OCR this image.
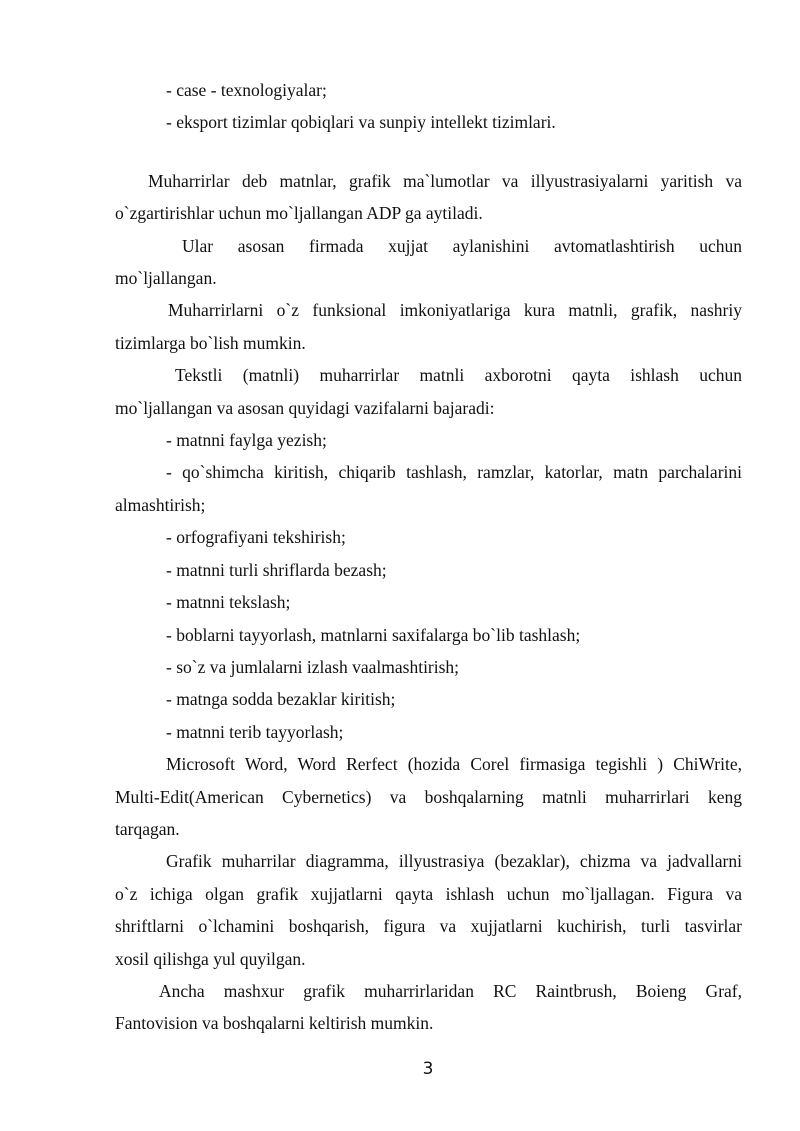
- case - texnologiyalar;

- eksport tizimlar qobiqlari va sunpiy intellekt tizimlari.

Muharrirlar deb matnlar, grafik ma`lumotlar va illyustrasiyalarni yaritish va

o`zgartirishlar uchun mo`ljallangan ADP ga aytiladi.

Ular asosan firmada xujjat aylanishini avtomatlashtirish uchun

mo`ljallangan.

Muharrirlarni o`z funksional imkoniyatlariga kura matnli, grafik, nashriy

tizimlarga bo`lish mumkin.

Tekstli (matnli) muharrirlar matnli axborotni qayta ishlash uchun

mo`ljallangan va asosan quyidagi vazifalarni bajaradi:

- matnni faylga yezish;

- qo`shimcha kiritish, chiqarib tashlash, ramzlar, katorlar, matn parchalarini

almashtirish;

- orfografiyani tekshirish;

- matnni turli shriflarda bezash;

- matnni tekslash;

- boblarni tayyorlash, matnlarni saxifalarga bo`lib tashlash;

- so`z va jumlalarni izlash vaalmashtirish;

- matnga sodda bezaklar kiritish;

- matnni terib tayyorlash;

Microsoft Word, Word Rerfect (hozida Corel firmasiga tegishli ) ChiWrite,

Multi-Edit(American Cybernetics) va boshqalarning matnli muharrirlari keng

tarqagan.

Grafik muharrilar diagramma, illyustrasiya (bezaklar), chizma va jadvallarni

o`z ichiga olgan grafik xujjatlarni qayta ishlash uchun mo`ljallagan. Figura va

shriftlarni o`lchamini boshqarish, figura va xujjatlarni kuchirish, turli tasvirlar

xosil qilishga yul quyilgan.

Ancha mashxur grafik muharrirlaridan RC Raintbrush, Boieng Graf,

Fantovision va boshqalarni keltirish mumkin.

3
